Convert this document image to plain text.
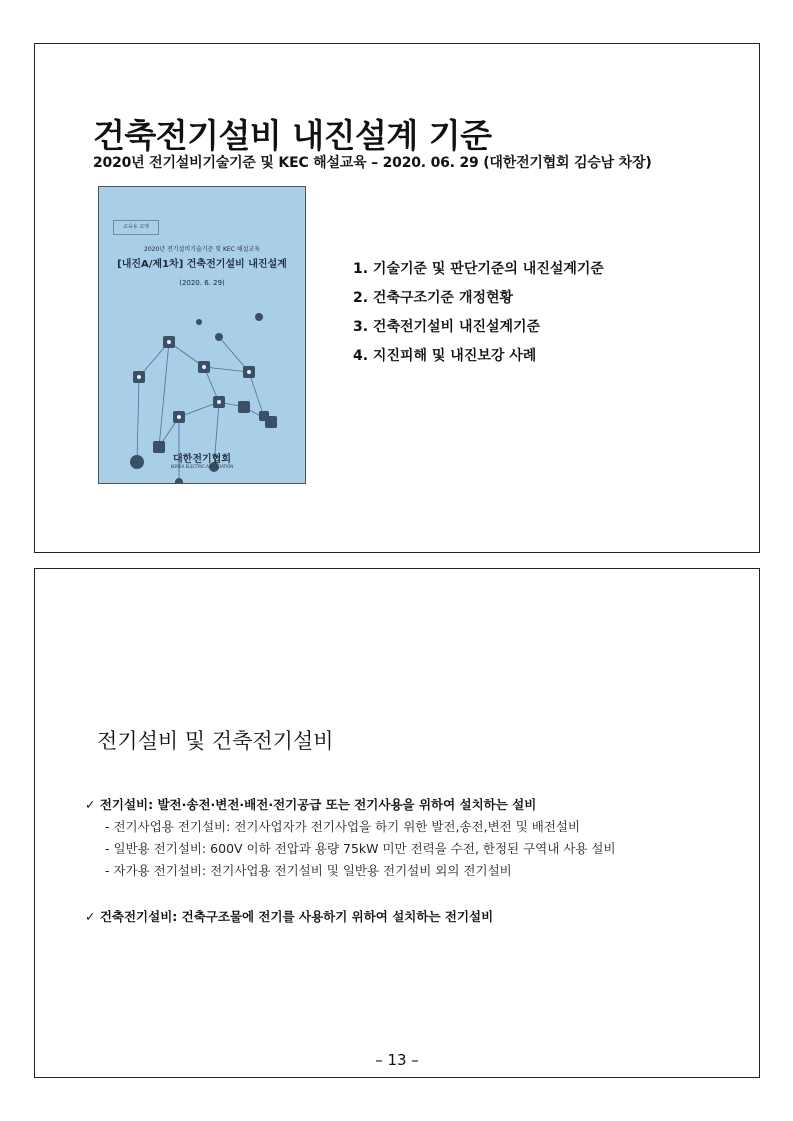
건축전기설비 내진설계 기준
2020년 전기설비기술기준 및 KEC 해설교육 – 2020. 06. 29 (대한전기협회 김승남 차장)
교육용 교재
2020년 전기설비기술기준 및 KEC 해설교육
[내진A/제1차] 건축전기설비 내진설계
(2020. 6. 29)
대한전기협회
KOREA ELECTRIC ASSOCIATION
1. 기술기준 및 판단기준의 내진설계기준
2. 건축구조기준 개정현황
3. 건축전기설비 내진설계기준
4. 지진피해 및 내진보강 사례
전기설비 및 건축전기설비
✓ 전기설비: 발전·송전·변전·배전·전기공급 또는 전기사용을 위하여 설치하는 설비
- 전기사업용 전기설비: 전기사업자가 전기사업을 하기 위한 발전,송전,변전 및 배전설비
- 일반용 전기설비: 600V 이하 전압과 용량 75kW 미만 전력을 수전, 한정된 구역내 사용 설비
- 자가용 전기설비: 전기사업용 전기설비 및 일반용 전기설비 외의 전기설비
✓ 건축전기설비: 건축구조물에 전기를 사용하기 위하여 설치하는 전기설비
– 13 –
